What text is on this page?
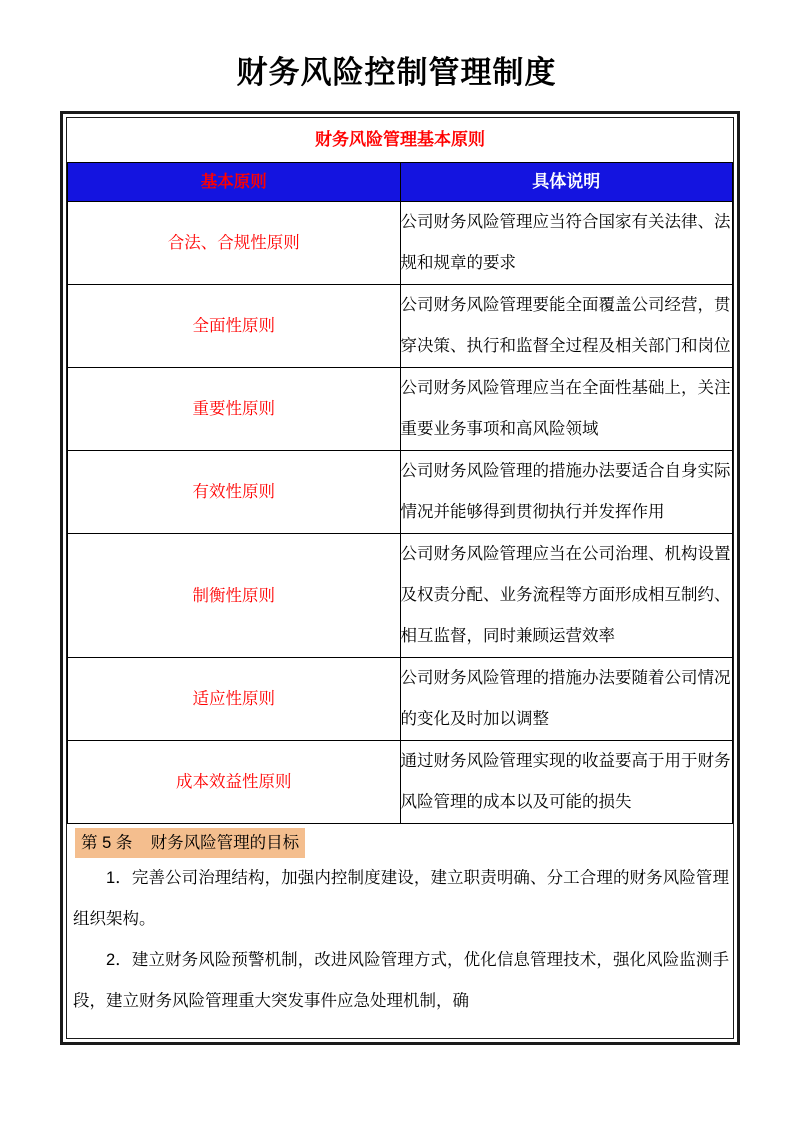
财务风险控制管理制度
财务风险管理基本原则	
基本原则	具体说明
合法、合规性原则	公司财务风险管理应当符合国家有关法律、法规和规章的要求
全面性原则	公司财务风险管理要能全面覆盖公司经营，贯穿决策、执行和监督全过程及相关部门和岗位
重要性原则	公司财务风险管理应当在全面性基础上，关注重要业务事项和高风险领域
有效性原则	公司财务风险管理的措施办法要适合自身实际情况并能够得到贯彻执行并发挥作用
制衡性原则	公司财务风险管理应当在公司治理、机构设置及权责分配、业务流程等方面形成相互制约、相互监督，同时兼顾运营效率
适应性原则	公司财务风险管理的措施办法要随着公司情况的变化及时加以调整
成本效益性原则	通过财务风险管理实现的收益要高于用于财务风险管理的成本以及可能的损失
第 5 条    财务风险管理的目标

1．完善公司治理结构，加强内控制度建设，建立职责明确、分工合理的财务风险管理组织架构。

2．建立财务风险预警机制，改进风险管理方式，优化信息管理技术，强化风险监测手段，建立财务风险管理重大突发事件应急处理机制，确
